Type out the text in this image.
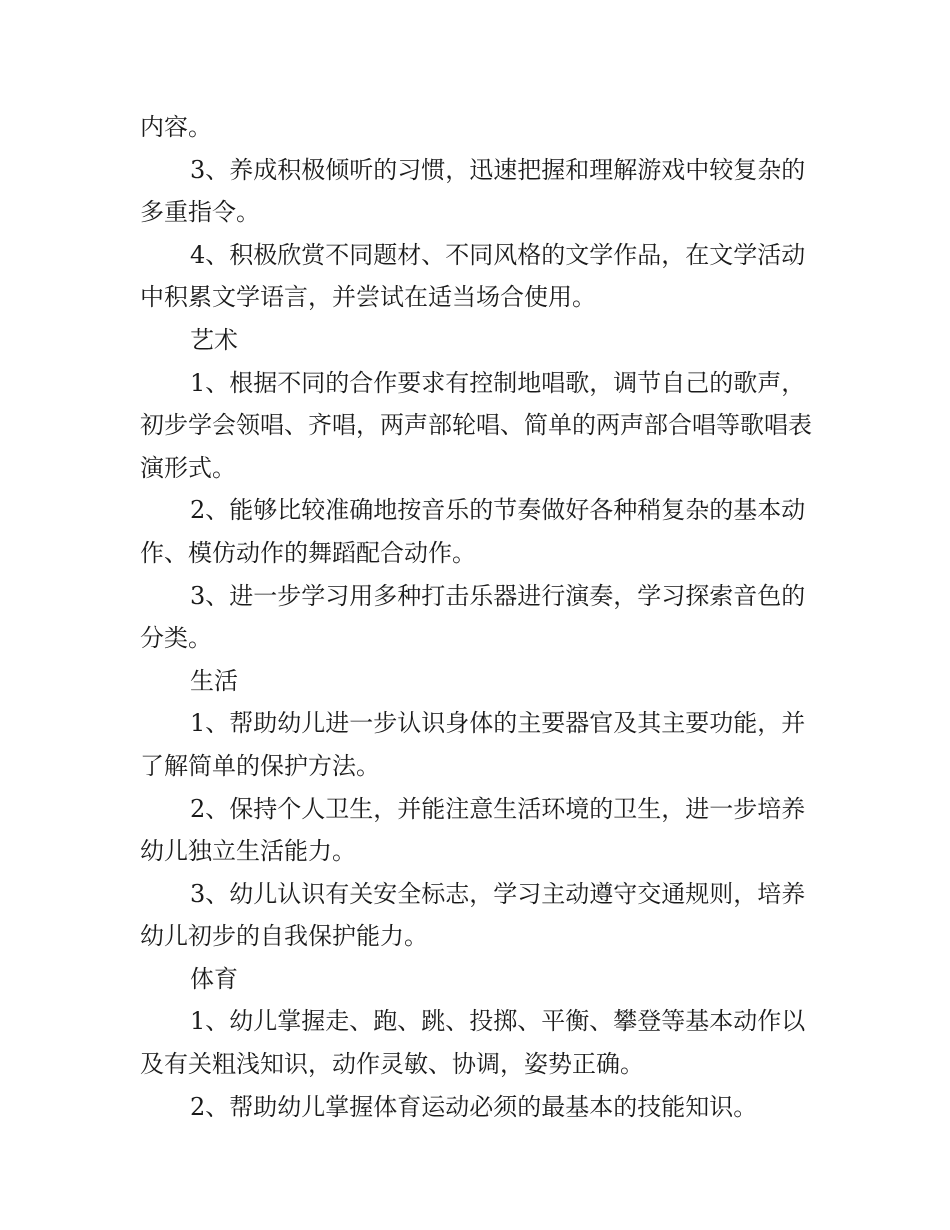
内容。

3、养成积极倾听的习惯，迅速把握和理解游戏中较复杂的多重指令。

4、积极欣赏不同题材、不同风格的文学作品，在文学活动中积累文学语言，并尝试在适当场合使用。

艺术

1、根据不同的合作要求有控制地唱歌，调节自己的歌声，初步学会领唱、齐唱，两声部轮唱、简单的两声部合唱等歌唱表演形式。

2、能够比较准确地按音乐的节奏做好各种稍复杂的基本动作、模仿动作的舞蹈配合动作。

3、进一步学习用多种打击乐器进行演奏，学习探索音色的分类。

生活

1、帮助幼儿进一步认识身体的主要器官及其主要功能，并了解简单的保护方法。

2、保持个人卫生，并能注意生活环境的卫生，进一步培养幼儿独立生活能力。

3、幼儿认识有关安全标志，学习主动遵守交通规则，培养幼儿初步的自我保护能力。

体育

1、幼儿掌握走、跑、跳、投掷、平衡、攀登等基本动作以及有关粗浅知识，动作灵敏、协调，姿势正确。

2、帮助幼儿掌握体育运动必须的最基本的技能知识。
